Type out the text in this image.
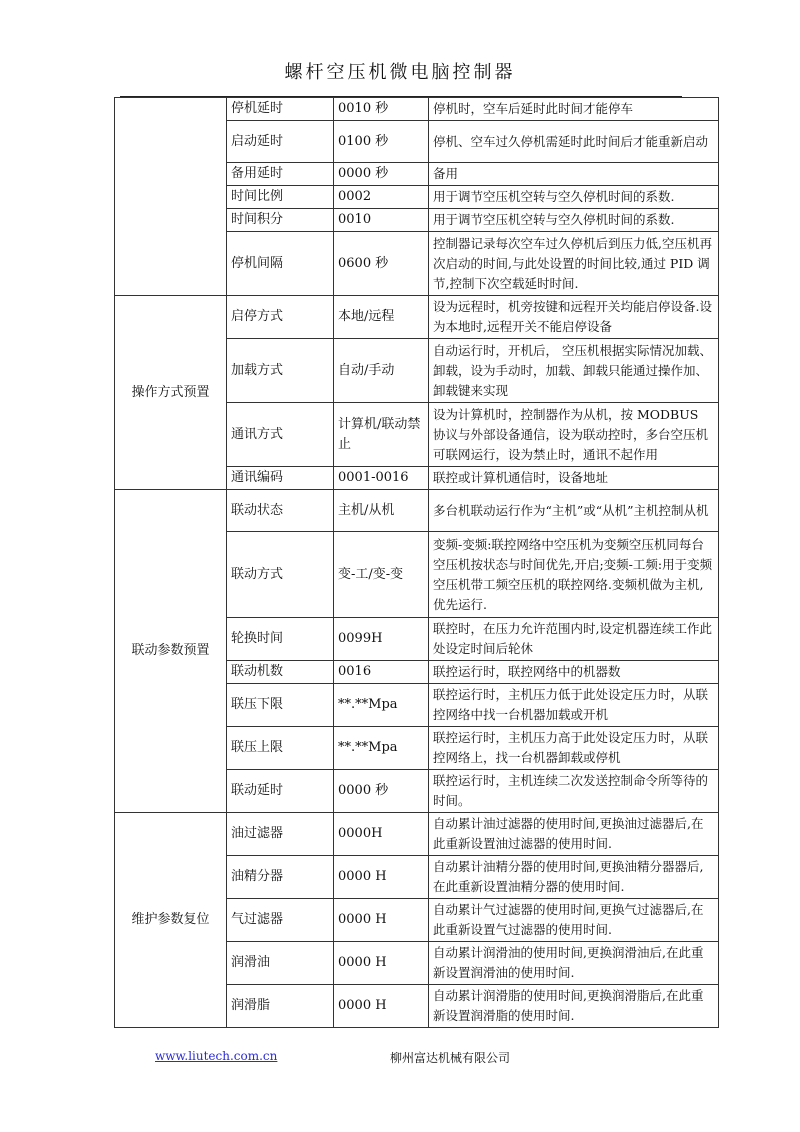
螺杆空压机微电脑控制器
	停机延时	0010 秒	停机时，空车后延时此时间才能停车
	启动延时	0100 秒	停机、空车过久停机需延时此时间后才能重新启动
	备用延时	0000 秒	备用
	时间比例	0002	用于调节空压机空转与空久停机时间的系数.
	时间积分	0010	用于调节空压机空转与空久停机时间的系数.
	停机间隔	0600 秒	控制器记录每次空车过久停机后到压力低,空压机再次启动的时间,与此处设置的时间比较,通过 PID 调节,控制下次空载延时时间.
操作方式预置	启停方式	本地/远程	设为远程时，机旁按键和远程开关均能启停设备.设为本地时,远程开关不能启停设备
	加载方式	自动/手动	自动运行时，开机后， 空压机根据实际情况加载、卸载，设为手动时，加载、卸载只能通过操作加、卸载键来实现
	通讯方式	计算机/联动禁止	设为计算机时，控制器作为从机，按 MODBUS 协议与外部设备通信，设为联动控时，多台空压机可联网运行，设为禁止时，通讯不起作用
	通讯编码	0001-0016	联控或计算机通信时，设备地址
联动参数预置	联动状态	主机/从机	多台机联动运行作为“主机”或“从机”主机控制从机
	联动方式	变-工/变-变	变频-变频:联控网络中空压机为变频空压机同每台空压机按状态与时间优先,开启;变频-工频:用于变频空压机带工频空压机的联控网络.变频机做为主机,优先运行.
	轮换时间	0099H	联控时，在压力允许范围内时,设定机器连续工作此处设定时间后轮休
	联动机数	0016	联控运行时，联控网络中的机器数
	联压下限	**.**Mpa	联控运行时，主机压力低于此处设定压力时，从联控网络中找一台机器加载或开机
	联压上限	**.**Mpa	联控运行时，主机压力高于此处设定压力时，从联控网络上，找一台机器卸载或停机
	联动延时	0000 秒	联控运行时，主机连续二次发送控制命令所等待的时间。
维护参数复位	油过滤器	0000H	自动累计油过滤器的使用时间,更换油过滤器后,在此重新设置油过滤器的使用时间.
	油精分器	0000 H	自动累计油精分器的使用时间,更换油精分器器后,在此重新设置油精分器的使用时间.
	气过滤器	0000 H	自动累计气过滤器的使用时间,更换气过滤器后,在此重新设置气过滤器的使用时间.
	润滑油	0000 H	自动累计润滑油的使用时间,更换润滑油后,在此重新设置润滑油的使用时间.
	润滑脂	0000 H	自动累计润滑脂的使用时间,更换润滑脂后,在此重新设置润滑脂的使用时间.
www.liutech.com.cn	柳州富达机械有限公司
